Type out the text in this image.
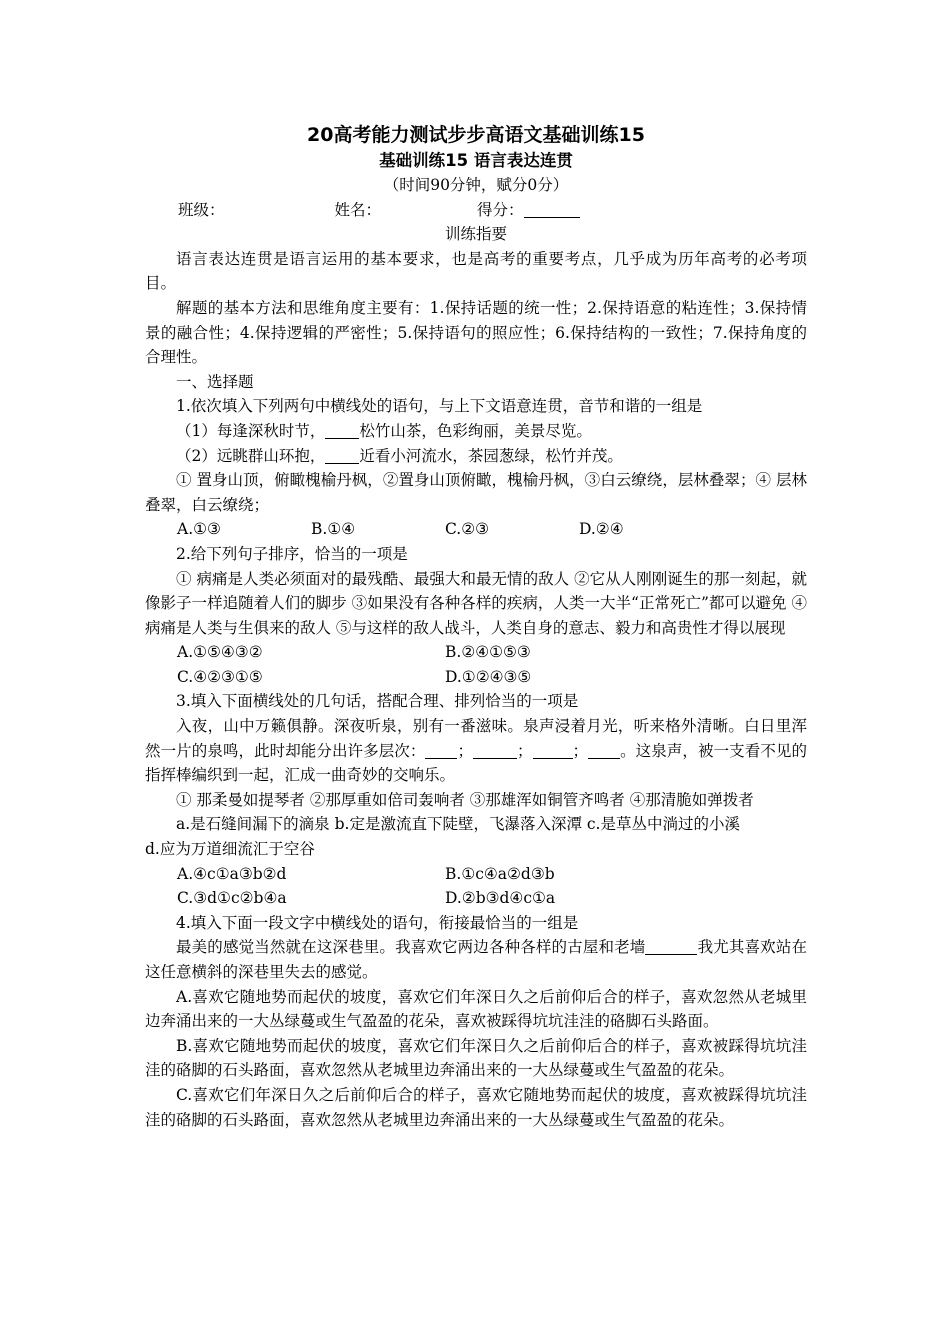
20高考能力测试步步高语文基础训练15

基础训练15 语言表达连贯

（时间90分钟，赋分0分）

班级：	姓名：	得分：

训练指要

语言表达连贯是语言运用的基本要求，也是高考的重要考点，几乎成为历年高考的必考项目。

解题的基本方法和思维角度主要有：1.保持话题的统一性；2.保持语意的粘连性；3.保持情景的融合性；4.保持逻辑的严密性；5.保持语句的照应性；6.保持结构的一致性；7.保持角度的合理性。

一、选择题

1.依次填入下列两句中横线处的语句，与上下文语意连贯，音节和谐的一组是

（1）每逢深秋时节， 松竹山茶，色彩绚丽，美景尽览。

（2）远眺群山环抱， 近看小河流水，茶园葱绿，松竹并茂。

① 置身山顶，俯瞰槐榆丹枫，②置身山顶俯瞰，槐榆丹枫，③白云缭绕，层林叠翠；④ 层林叠翠，白云缭绕；

A.①③	B.①④	C.②③	D.②④

2.给下列句子排序，恰当的一项是

① 病痛是人类必须面对的最残酷、最强大和最无情的敌人 ②它从人刚刚诞生的那一刻起，就像影子一样追随着人们的脚步 ③如果没有各种各样的疾病，人类一大半“正常死亡”都可以避免 ④病痛是人类与生俱来的敌人 ⑤与这样的敌人战斗，人类自身的意志、毅力和高贵性才得以展现

A.①⑤④③②	B.②④①⑤③
C.④②③①⑤	D.①②④③⑤

3.填入下面横线处的几句话，搭配合理、排列恰当的一项是

入夜，山中万籁俱静。深夜听泉，别有一番滋味。泉声浸着月光，听来格外清晰。白日里浑然一片的泉鸣，此时却能分出许多层次： ；	；	； 。这泉声，被一支看不见的指挥棒编织到一起，汇成一曲奇妙的交响乐。

① 那柔曼如提琴者 ②那厚重如倍司轰响者 ③那雄浑如铜管齐鸣者 ④那清脆如弹拨者

a.是石缝间漏下的滴泉 b.定是激流直下陡壁，飞瀑落入深潭 c.是草丛中淌过的小溪

d.应为万道细流汇于空谷

A.④c①a③b②d	B.①c④a②d③b
C.③d①c②b④a	D.②b③d④c①a

4.填入下面一段文字中横线处的语句，衔接最恰当的一组是

最美的感觉当然就在这深巷里。我喜欢它两边各种各样的古屋和老墙	我尤其喜欢站在这任意横斜的深巷里失去的感觉。

A.喜欢它随地势而起伏的坡度，喜欢它们年深日久之后前仰后合的样子，喜欢忽然从老城里边奔涌出来的一大丛绿蔓或生气盈盈的花朵，喜欢被踩得坑坑洼洼的硌脚石头路面。

B.喜欢它随地势而起伏的坡度，喜欢它们年深日久之后前仰后合的样子，喜欢被踩得坑坑洼洼的硌脚的石头路面，喜欢忽然从老城里边奔涌出来的一大丛绿蔓或生气盈盈的花朵。

C.喜欢它们年深日久之后前仰后合的样子，喜欢它随地势而起伏的坡度，喜欢被踩得坑坑洼洼的硌脚的石头路面，喜欢忽然从老城里边奔涌出来的一大丛绿蔓或生气盈盈的花朵。
